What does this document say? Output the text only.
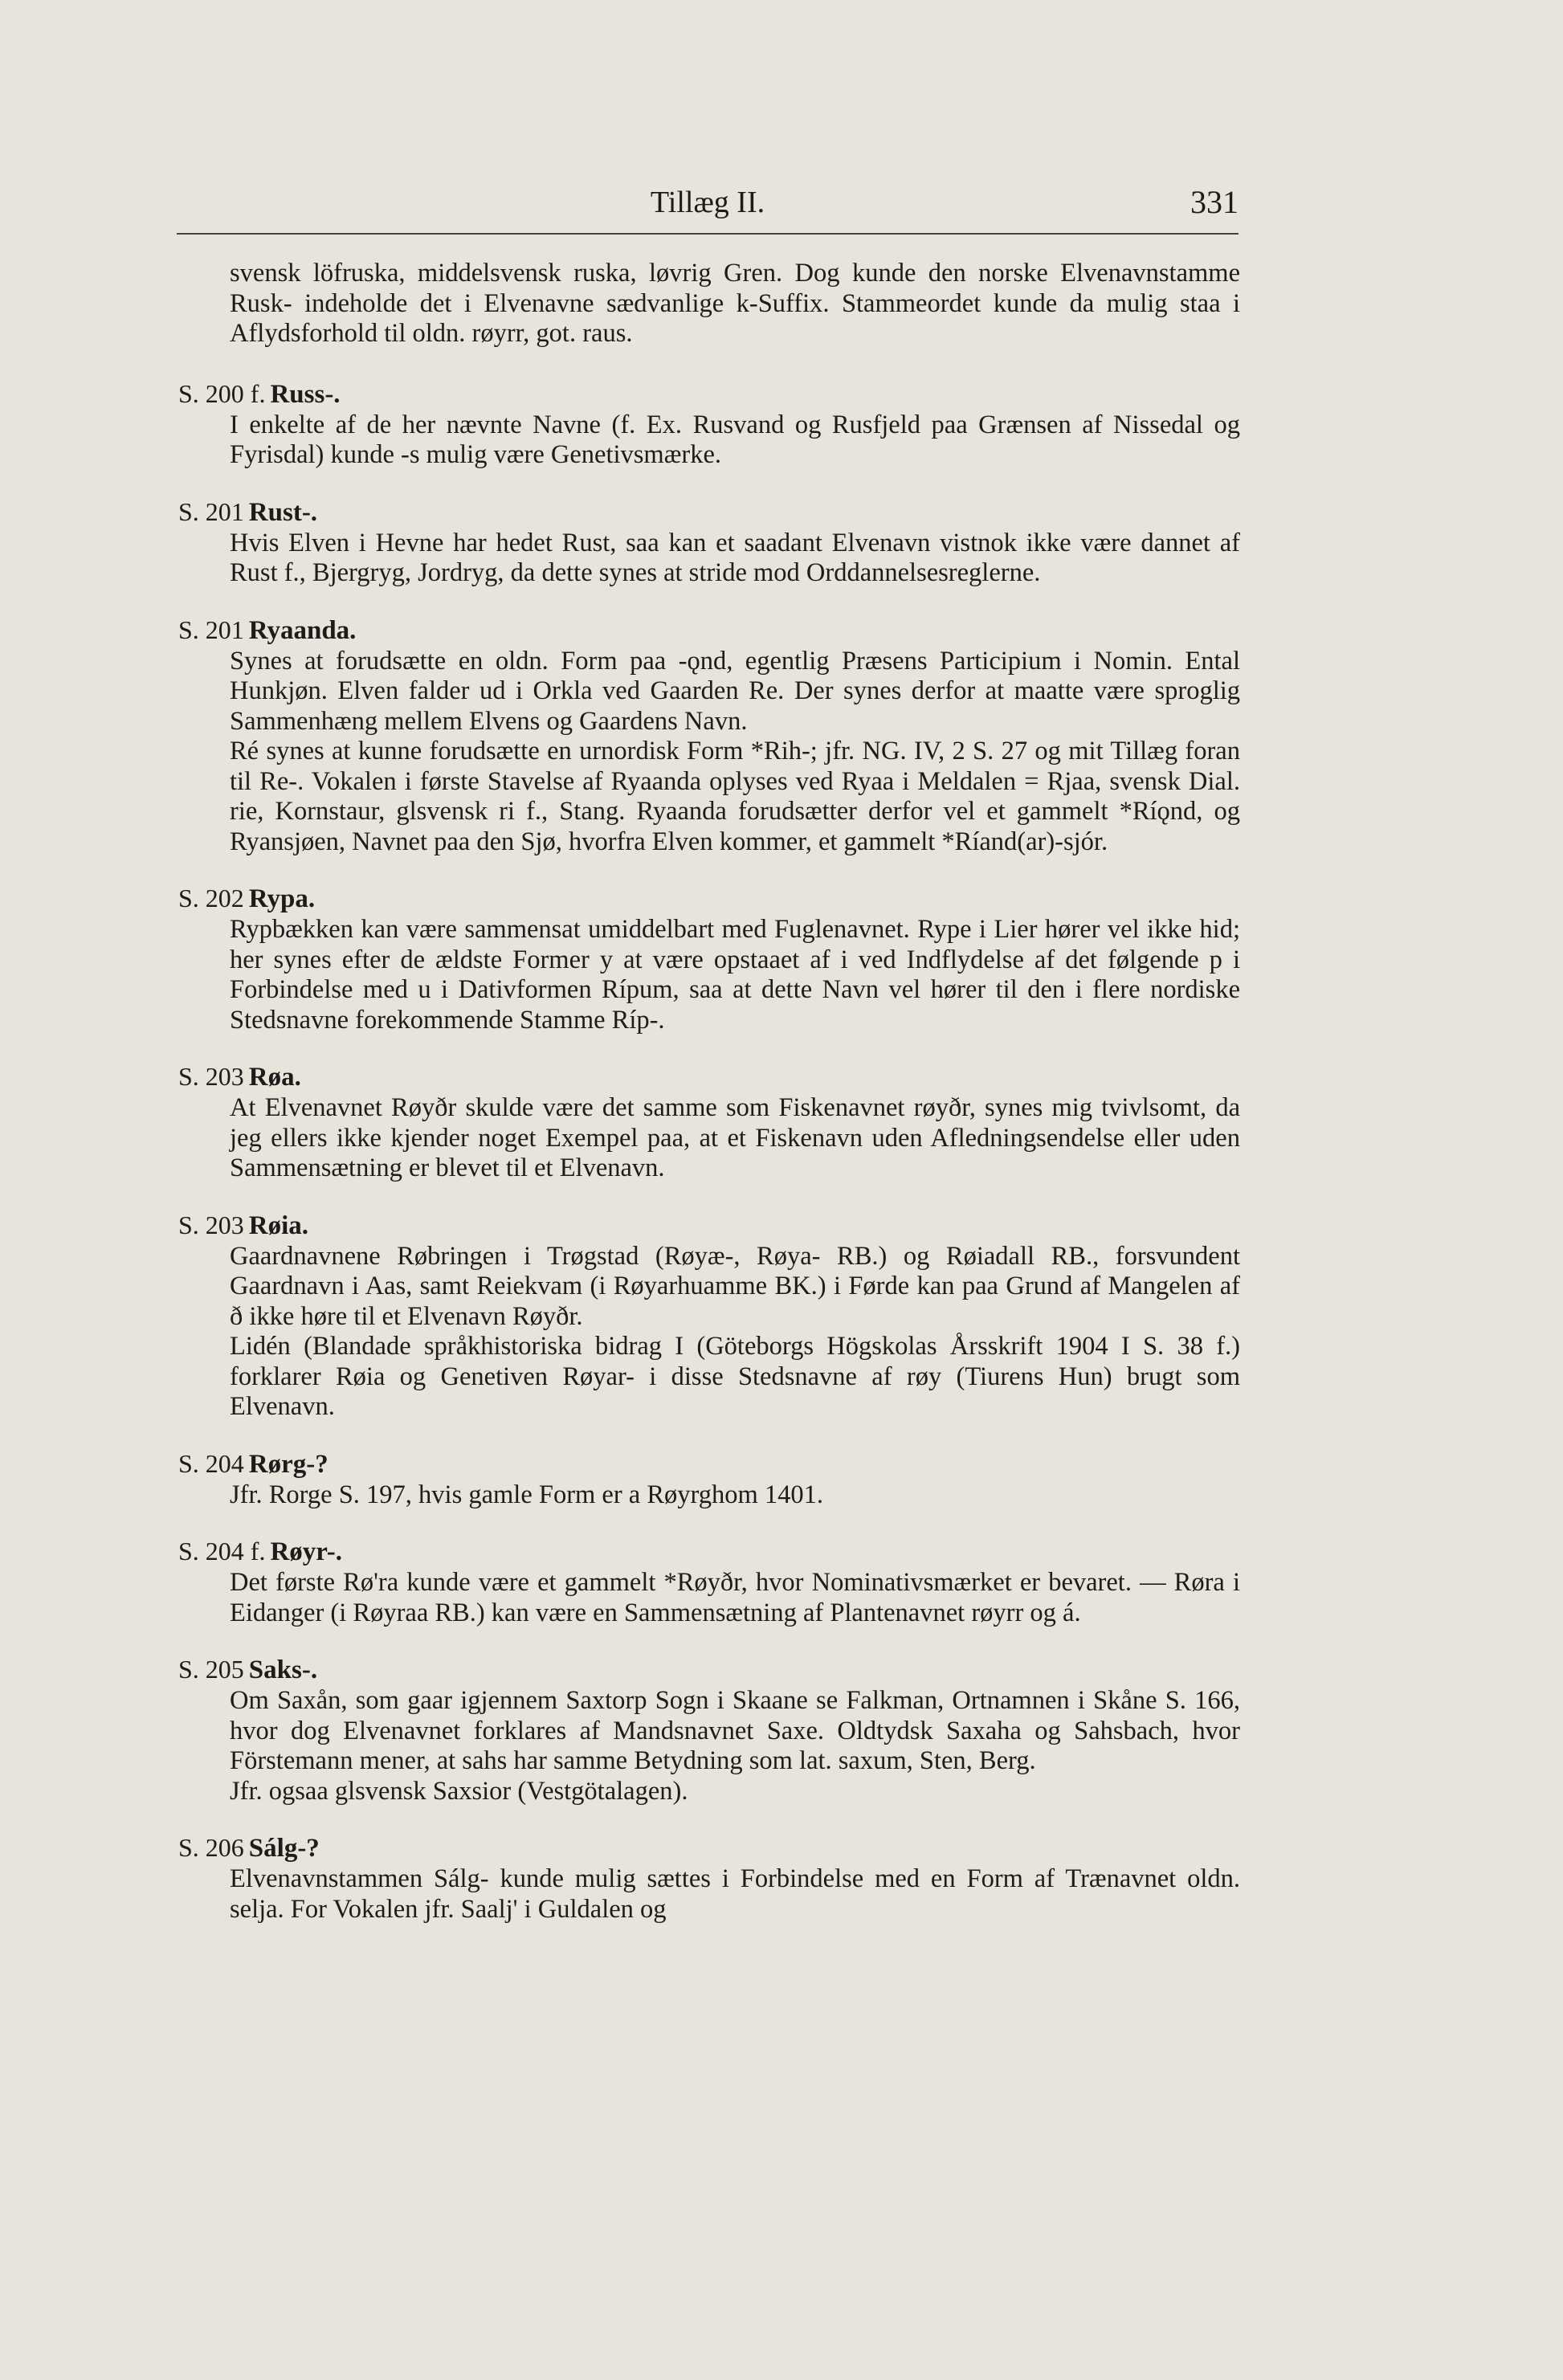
Tillæg II.	331

svensk löfruska, middelsvensk ruska, løvrig Gren. Dog kunde den norske Elvenavnstamme Rusk- indeholde det i Elvenavne sædvanlige k-Suffix. Stammeordet kunde da mulig staa i Aflydsforhold til oldn. røyrr, got. raus.

S. 200 f. Russ-.

I enkelte af de her nævnte Navne (f. Ex. Rusvand og Rusfjeld paa Grænsen af Nissedal og Fyrisdal) kunde -s mulig være Genetivsmærke.

S. 201 Rust-.

Hvis Elven i Hevne har hedet Rust, saa kan et saadant Elvenavn vistnok ikke være dannet af Rust f., Bjergryg, Jordryg, da dette synes at stride mod Orddannelsesreglerne.

S. 201 Ryaanda.

Synes at forudsætte en oldn. Form paa -ǫnd, egentlig Præsens Participium i Nomin. Ental Hunkjøn. Elven falder ud i Orkla ved Gaarden Re. Der synes derfor at maatte være sproglig Sammenhæng mellem Elvens og Gaardens Navn.

Ré synes at kunne forudsætte en urnordisk Form *Rih-; jfr. NG. IV, 2 S. 27 og mit Tillæg foran til Re-. Vokalen i første Stavelse af Ryaanda oplyses ved Ryaa i Meldalen = Rjaa, svensk Dial. rie, Kornstaur, glsvensk ri f., Stang. Ryaanda forudsætter derfor vel et gammelt *Ríǫnd, og Ryansjøen, Navnet paa den Sjø, hvorfra Elven kommer, et gammelt *Ríand(ar)-sjór.

S. 202 Rypa.

Rypbækken kan være sammensat umiddelbart med Fuglenavnet. Rype i Lier hører vel ikke hid; her synes efter de ældste Former y at være opstaaet af i ved Indflydelse af det følgende p i Forbindelse med u i Dativformen Rípum, saa at dette Navn vel hører til den i flere nordiske Stedsnavne forekommende Stamme Ríp-.

S. 203 Røa.

At Elvenavnet Røyðr skulde være det samme som Fiskenavnet røyðr, synes mig tvivlsomt, da jeg ellers ikke kjender noget Exempel paa, at et Fiskenavn uden Afledningsendelse eller uden Sammensætning er blevet til et Elvenavn.

S. 203 Røia.

Gaardnavnene Røbringen i Trøgstad (Røyæ-, Røya- RB.) og Røiadall RB., forsvundent Gaardnavn i Aas, samt Reiekvam (i Røyarhuamme BK.) i Førde kan paa Grund af Mangelen af ð ikke høre til et Elvenavn Røyðr.

Lidén (Blandade språkhistoriska bidrag I (Göteborgs Högskolas Årsskrift 1904 I S. 38 f.) forklarer Røia og Genetiven Røyar- i disse Stedsnavne af røy (Tiurens Hun) brugt som Elvenavn.

S. 204 Rørg-?

Jfr. Rorge S. 197, hvis gamle Form er a Røyrghom 1401.

S. 204 f. Røyr-.

Det første Rø'ra kunde være et gammelt *Røyðr, hvor Nominativsmærket er bevaret. — Røra i Eidanger (i Røyraa RB.) kan være en Sammensætning af Plantenavnet røyrr og á.

S. 205 Saks-.

Om Saxån, som gaar igjennem Saxtorp Sogn i Skaane se Falkman, Ortnamnen i Skåne S. 166, hvor dog Elvenavnet forklares af Mandsnavnet Saxe. Oldtydsk Saxaha og Sahsbach, hvor Förstemann mener, at sahs har samme Betydning som lat. saxum, Sten, Berg.

Jfr. ogsaa glsvensk Saxsior (Vestgötalagen).

S. 206 Sálg-?

Elvenavnstammen Sálg- kunde mulig sættes i Forbindelse med en Form af Trænavnet oldn. selja. For Vokalen jfr. Saalj' i Guldalen og
